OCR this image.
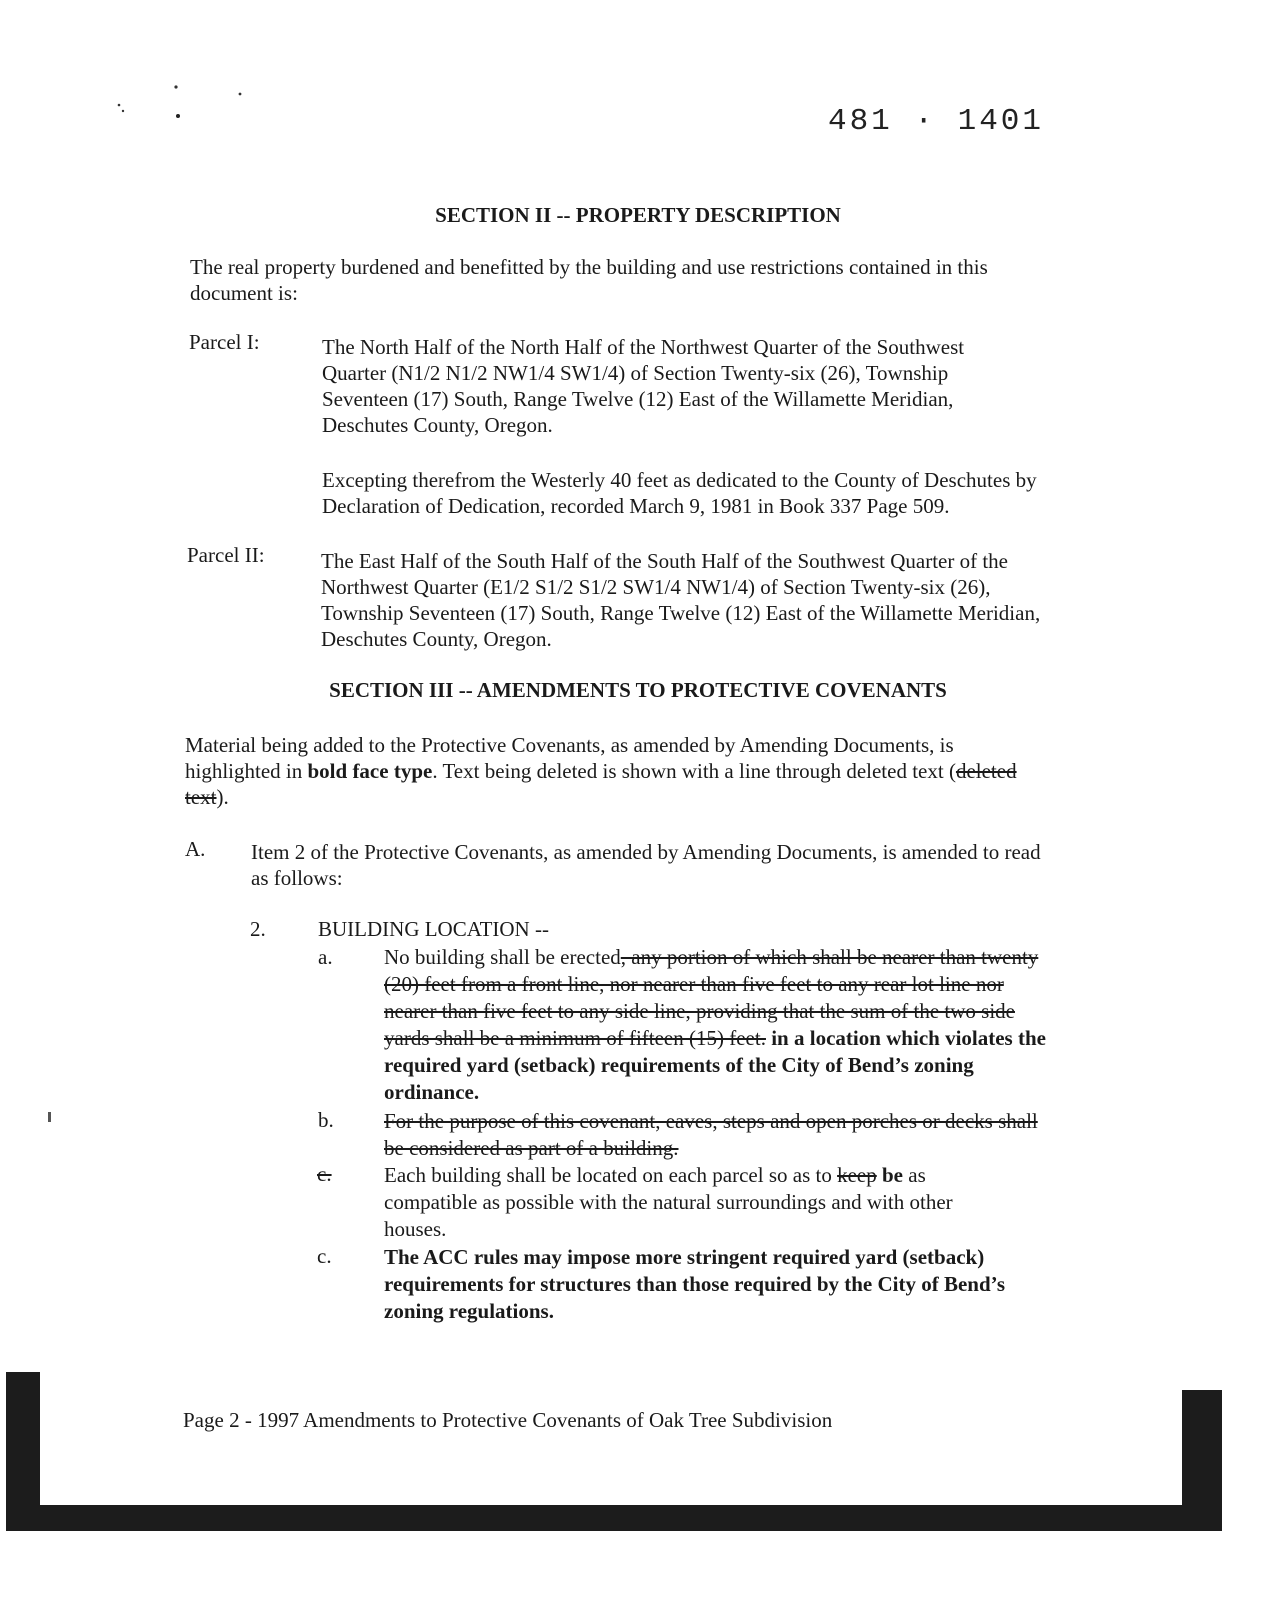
481 ∙ 1401
SECTION II -- PROPERTY DESCRIPTION
The real property burdened and benefitted by the building and use restrictions contained in this document is:
Parcel I:	The North Half of the North Half of the Northwest Quarter of the Southwest Quarter (N1/2 N1/2 NW1/4 SW1/4) of Section Twenty-six (26), Township Seventeen (17) South, Range Twelve (12) East of the Willamette Meridian, Deschutes County, Oregon.
Excepting therefrom the Westerly 40 feet as dedicated to the County of Deschutes by Declaration of Dedication, recorded March 9, 1981 in Book 337 Page 509.
Parcel II:	The East Half of the South Half of the South Half of the Southwest Quarter of the Northwest Quarter (E1/2 S1/2 S1/2 SW1/4 NW1/4) of Section Twenty-six (26), Township Seventeen (17) South, Range Twelve (12) East of the Willamette Meridian, Deschutes County, Oregon.
SECTION III -- AMENDMENTS TO PROTECTIVE COVENANTS
Material being added to the Protective Covenants, as amended by Amending Documents, is highlighted in bold face type. Text being deleted is shown with a line through deleted text (deleted text).
A. Item 2 of the Protective Covenants, as amended by Amending Documents, is amended to read as follows:
2. BUILDING LOCATION --
a. No building shall be erected, any portion of which shall be nearer than twenty (20) feet from a front line, nor nearer than five feet to any rear lot line nor nearer than five feet to any side line, providing that the sum of the two side yards shall be a minimum of fifteen (15) feet. in a location which violates the required yard (setback) requirements of the City of Bend’s zoning ordinance.
b. For the purpose of this covenant, eaves, steps and open porches or decks shall be considered as part of a building.
c. Each building shall be located on each parcel so as to keep be as compatible as possible with the natural surroundings and with other houses.
c. The ACC rules may impose more stringent required yard (setback) requirements for structures than those required by the City of Bend’s zoning regulations.
Page 2 - 1997 Amendments to Protective Covenants of Oak Tree Subdivision
